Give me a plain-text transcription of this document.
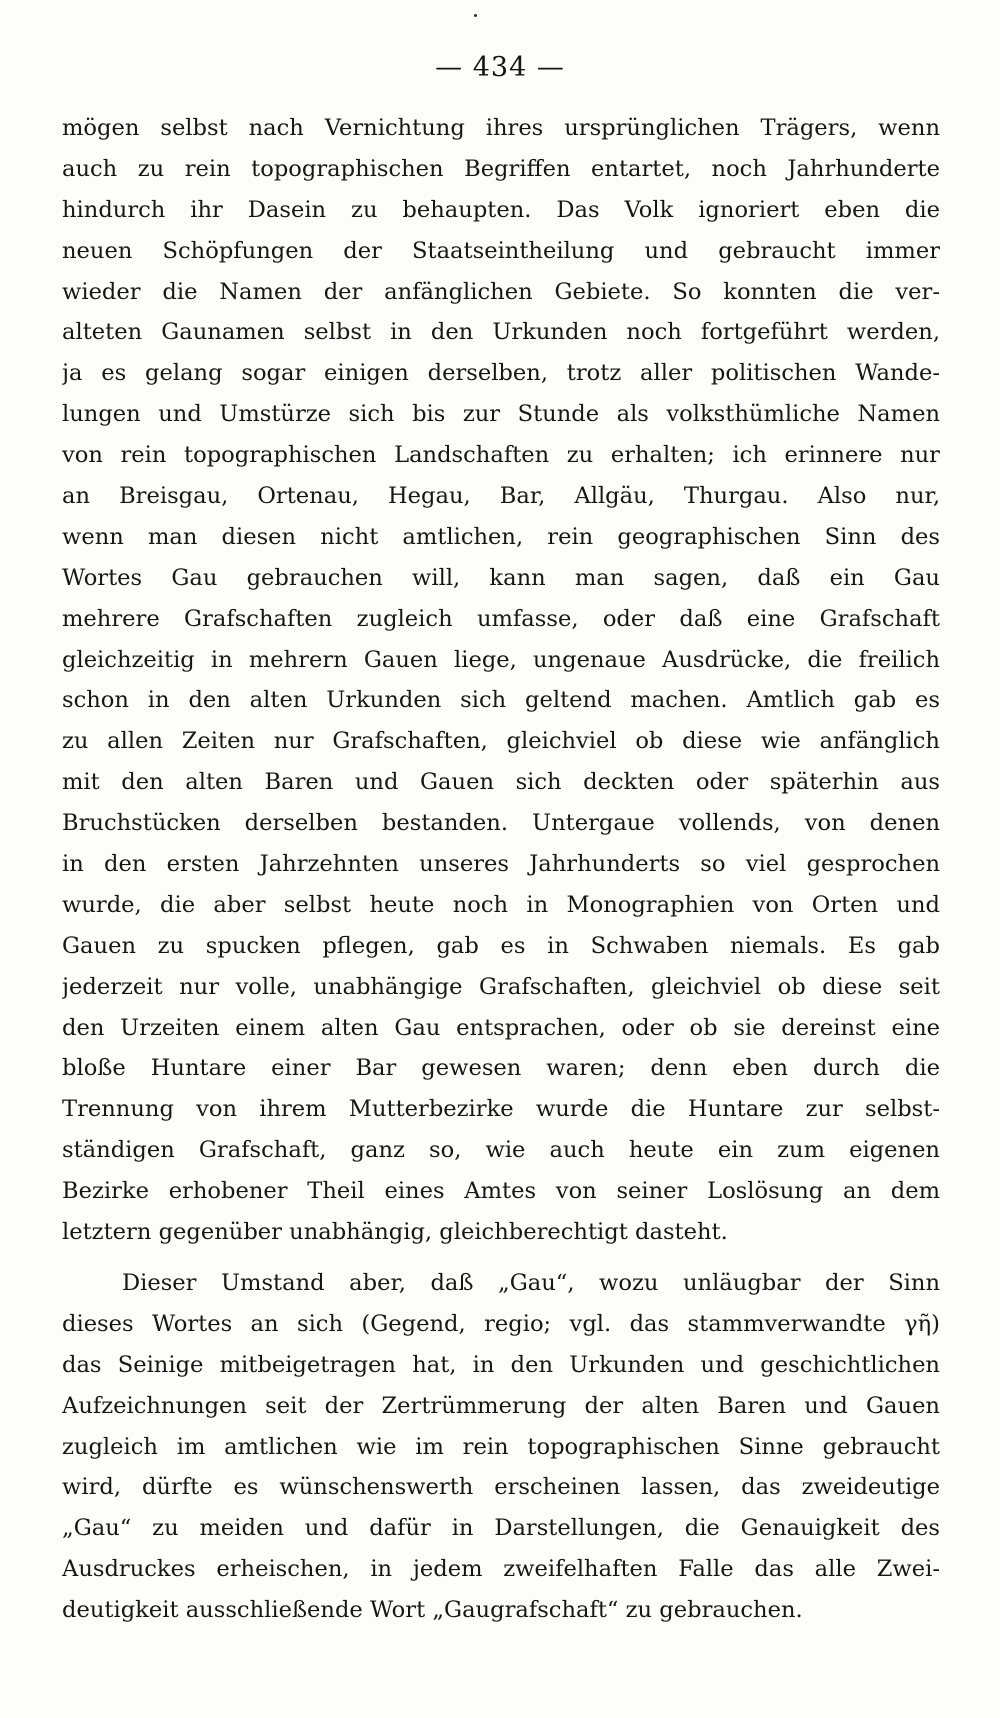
— 434 —
mögen selbst nach Vernichtung ihres ursprünglichen Trägers, wenn
auch zu rein topographischen Begriffen entartet, noch Jahrhunderte
hindurch ihr Dasein zu behaupten. Das Volk ignoriert eben die
neuen Schöpfungen der Staatseintheilung und gebraucht immer
wieder die Namen der anfänglichen Gebiete. So konnten die ver-
alteten Gaunamen selbst in den Urkunden noch fortgeführt werden,
ja es gelang sogar einigen derselben, trotz aller politischen Wande-
lungen und Umstürze sich bis zur Stunde als volksthümliche Namen
von rein topographischen Landschaften zu erhalten; ich erinnere nur
an Breisgau, Ortenau, Hegau, Bar, Allgäu, Thurgau. Also nur,
wenn man diesen nicht amtlichen, rein geographischen Sinn des
Wortes Gau gebrauchen will, kann man sagen, daß ein Gau
mehrere Grafschaften zugleich umfasse, oder daß eine Grafschaft
gleichzeitig in mehrern Gauen liege, ungenaue Ausdrücke, die freilich
schon in den alten Urkunden sich geltend machen. Amtlich gab es
zu allen Zeiten nur Grafschaften, gleichviel ob diese wie anfänglich
mit den alten Baren und Gauen sich deckten oder späterhin aus
Bruchstücken derselben bestanden. Untergaue vollends, von denen
in den ersten Jahrzehnten unseres Jahrhunderts so viel gesprochen
wurde, die aber selbst heute noch in Monographien von Orten und
Gauen zu spucken pflegen, gab es in Schwaben niemals. Es gab
jederzeit nur volle, unabhängige Grafschaften, gleichviel ob diese seit
den Urzeiten einem alten Gau entsprachen, oder ob sie dereinst eine
bloße Huntare einer Bar gewesen waren; denn eben durch die
Trennung von ihrem Mutterbezirke wurde die Huntare zur selbst-
ständigen Grafschaft, ganz so, wie auch heute ein zum eigenen
Bezirke erhobener Theil eines Amtes von seiner Loslösung an dem
letztern gegenüber unabhängig, gleichberechtigt dasteht.
Dieser Umstand aber, daß „Gau“, wozu unläugbar der Sinn
dieses Wortes an sich (Gegend, regio; vgl. das stammverwandte γῆ)
das Seinige mitbeigetragen hat, in den Urkunden und geschichtlichen
Aufzeichnungen seit der Zertrümmerung der alten Baren und Gauen
zugleich im amtlichen wie im rein topographischen Sinne gebraucht
wird, dürfte es wünschenswerth erscheinen lassen, das zweideutige
„Gau“ zu meiden und dafür in Darstellungen, die Genauigkeit des
Ausdruckes erheischen, in jedem zweifelhaften Falle das alle Zwei-
deutigkeit ausschließende Wort „Gaugrafschaft“ zu gebrauchen.
